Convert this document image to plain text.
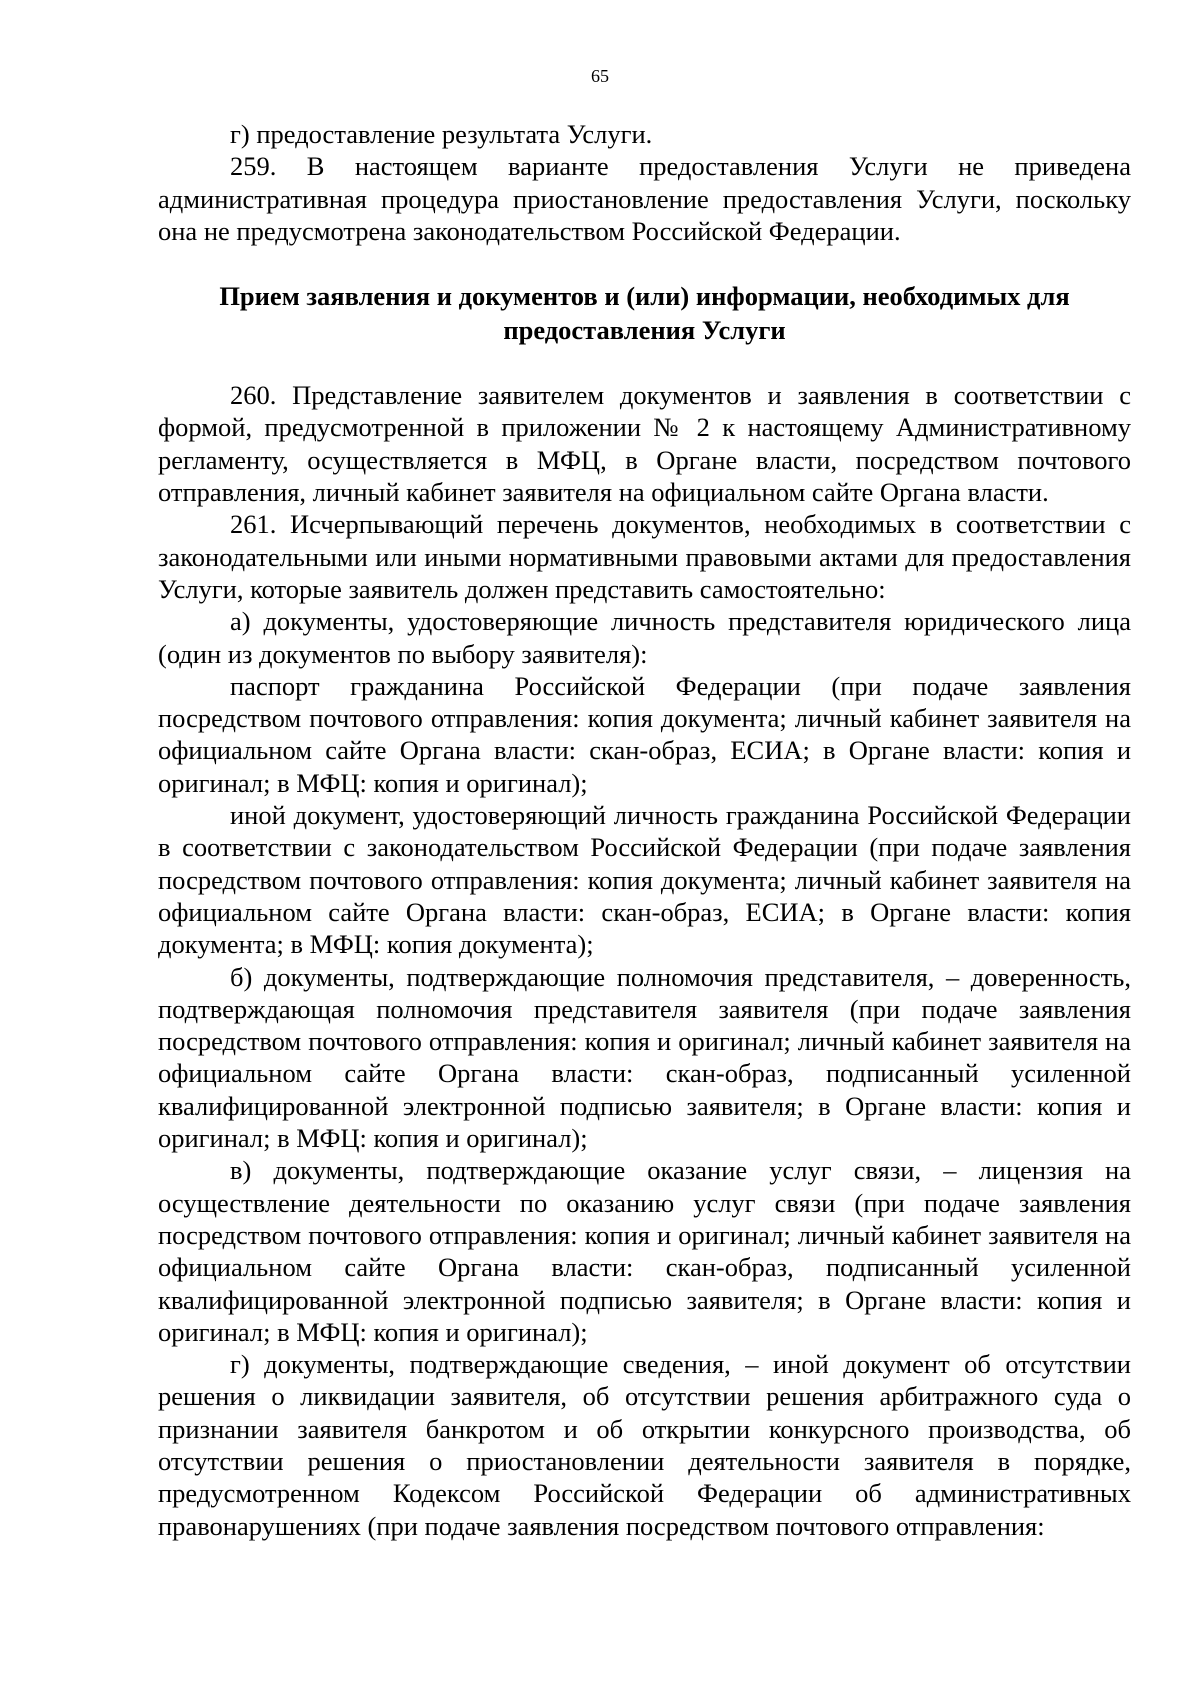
65

г) предоставление результата Услуги.

259. В настоящем варианте предоставления Услуги не приведена административная процедура приостановление предоставления Услуги, поскольку она не предусмотрена законодательством Российской Федерации.

Прием заявления и документов и (или) информации, необходимых для предоставления Услуги

260. Представление заявителем документов и заявления в соответствии с формой, предусмотренной в приложении № 2 к настоящему Административному регламенту, осуществляется в МФЦ, в Органе власти, посредством почтового отправления, личный кабинет заявителя на официальном сайте Органа власти.

261. Исчерпывающий перечень документов, необходимых в соответствии с законодательными или иными нормативными правовыми актами для предоставления Услуги, которые заявитель должен представить самостоятельно:

а) документы, удостоверяющие личность представителя юридического лица (один из документов по выбору заявителя):

паспорт гражданина Российской Федерации (при подаче заявления посредством почтового отправления: копия документа; личный кабинет заявителя на официальном сайте Органа власти: скан-образ, ЕСИА; в Органе власти: копия и оригинал; в МФЦ: копия и оригинал);

иной документ, удостоверяющий личность гражданина Российской Федерации в соответствии с законодательством Российской Федерации (при подаче заявления посредством почтового отправления: копия документа; личный кабинет заявителя на официальном сайте Органа власти: скан-образ, ЕСИА; в Органе власти: копия документа; в МФЦ: копия документа);

б) документы, подтверждающие полномочия представителя, – доверенность, подтверждающая полномочия представителя заявителя (при подаче заявления посредством почтового отправления: копия и оригинал; личный кабинет заявителя на официальном сайте Органа власти: скан-образ, подписанный усиленной квалифицированной электронной подписью заявителя; в Органе власти: копия и оригинал; в МФЦ: копия и оригинал);

в) документы, подтверждающие оказание услуг связи, – лицензия на осуществление деятельности по оказанию услуг связи (при подаче заявления посредством почтового отправления: копия и оригинал; личный кабинет заявителя на официальном сайте Органа власти: скан-образ, подписанный усиленной квалифицированной электронной подписью заявителя; в Органе власти: копия и оригинал; в МФЦ: копия и оригинал);

г) документы, подтверждающие сведения, – иной документ об отсутствии решения о ликвидации заявителя, об отсутствии решения арбитражного суда о признании заявителя банкротом и об открытии конкурсного производства, об отсутствии решения о приостановлении деятельности заявителя в порядке, предусмотренном Кодексом Российской Федерации об административных правонарушениях (при подаче заявления посредством почтового отправления:
